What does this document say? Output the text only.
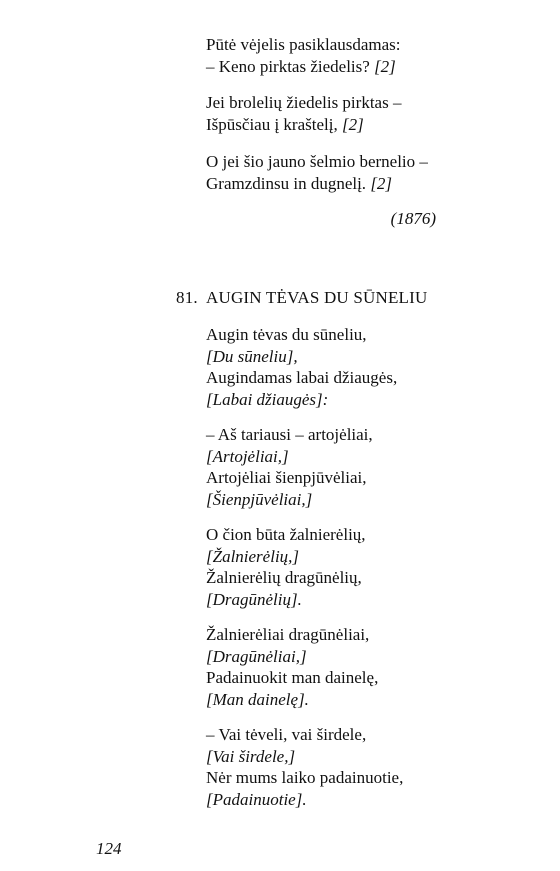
Pūtė vėjelis pasiklausdamas:
– Keno pirktas žiedelis? [2]
Jei brolelių žiedelis pirktas –
Išpūsčiau į kraštelį, [2]
O jei šio jauno šelmio bernelio –
Gramzdinsu in dugnelį. [2]
(1876)
81. AUGIN TĖVAS DU SŪNELIU
Augin tėvas du sūneliu,
[Du sūneliu],
Augindamas labai džiaugės,
[Labai džiaugės]:
– Aš tariausi – artojėliai,
[Artojėliai,]
Artojėliai šienpjūvėliai,
[Šienpjūvėliai,]
O čion būta žalnierėlių,
[Žalnierėlių,]
Žalnierėlių dragūnėlių,
[Dragūnėlių].
Žalnierėliai dragūnėliai,
[Dragūnėliai,]
Padainuokit man dainelę,
[Man dainelę].
– Vai tėveli, vai širdele,
[Vai širdele,]
Nėr mums laiko padainuotie,
[Padainuotie].
124
